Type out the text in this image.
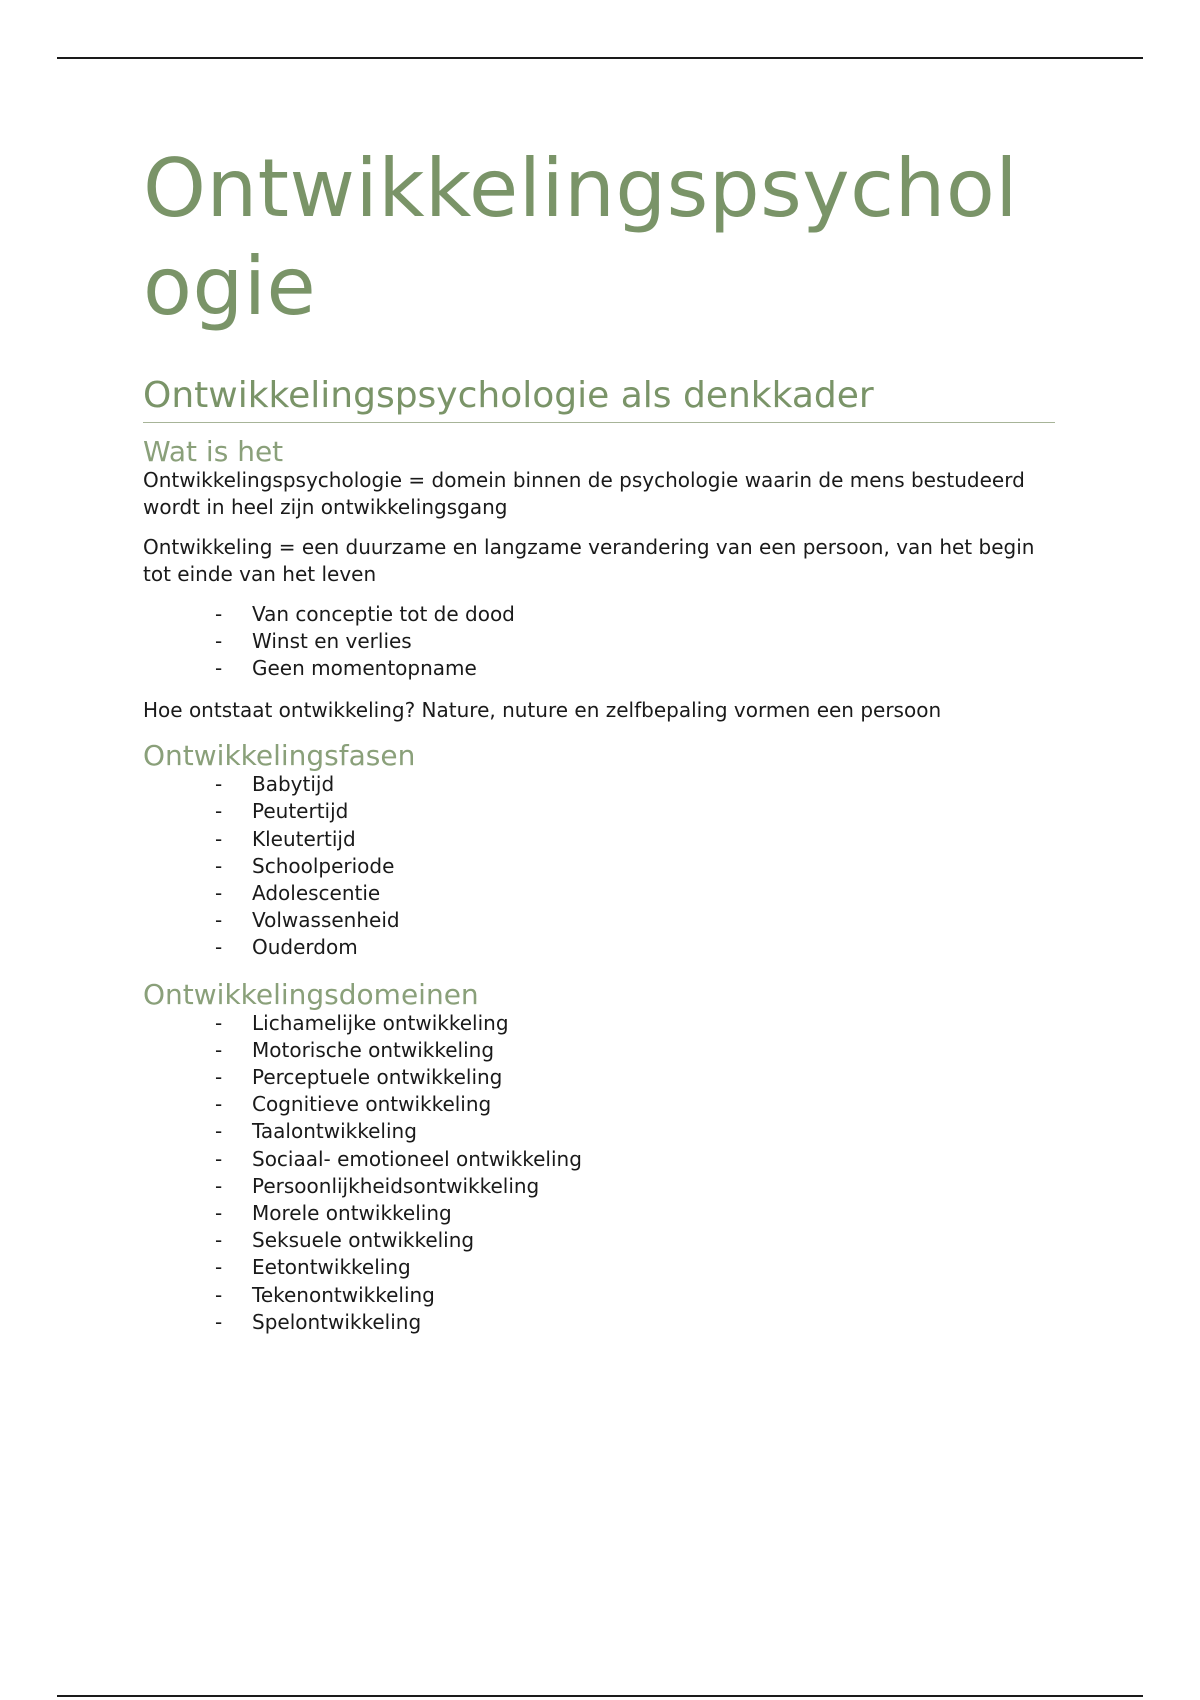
Ontwikkelingspsychologie
Ontwikkelingspsychologie als denkkader
Wat is het

Ontwikkelingspsychologie = domein binnen de psychologie waarin de mens bestudeerd wordt in heel zijn ontwikkelingsgang

Ontwikkeling = een duurzame en langzame verandering van een persoon, van het begin tot einde van het leven

-	Van conceptie tot de dood
-	Winst en verlies
-	Geen momentopname

Hoe ontstaat ontwikkeling? Nature, nuture en zelfbepaling vormen een persoon

Ontwikkelingsfasen
-	Babytijd
-	Peutertijd
-	Kleutertijd
-	Schoolperiode
-	Adolescentie
-	Volwassenheid
-	Ouderdom
Ontwikkelingsdomeinen
-	Lichamelijke ontwikkeling
-	Motorische ontwikkeling
-	Perceptuele ontwikkeling
-	Cognitieve ontwikkeling
-	Taalontwikkeling
-	Sociaal- emotioneel ontwikkeling
-	Persoonlijkheidsontwikkeling
-	Morele ontwikkeling
-	Seksuele ontwikkeling
-	Eetontwikkeling
-	Tekenontwikkeling
-	Spelontwikkeling
